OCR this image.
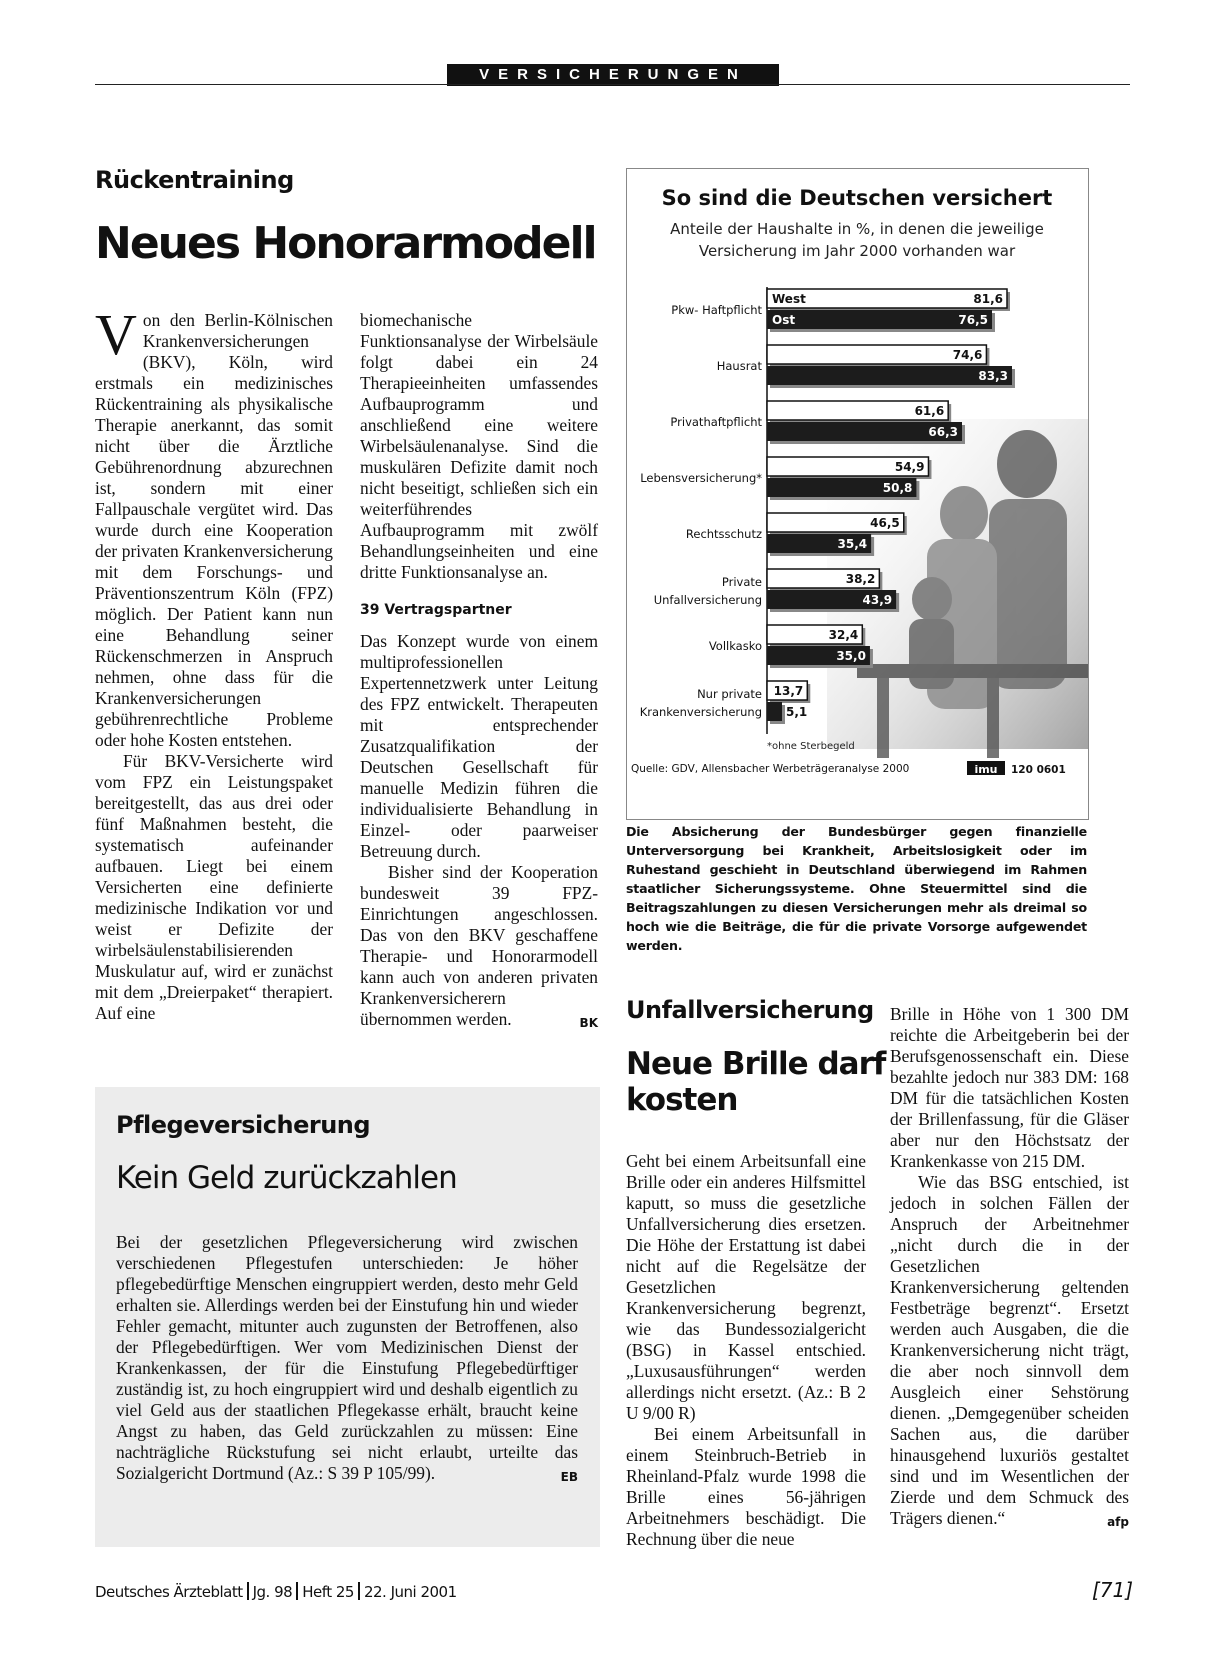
VERSICHERUNGEN
Rückentraining
Neues Honorarmodell

Von den Berlin-Kölnischen Krankenversicherungen (BKV), Köln, wird erstmals ein medizinisches Rückentraining als physikalische Therapie anerkannt, das somit nicht über die Ärztliche Gebührenordnung abzurechnen ist, sondern mit einer Fallpauschale vergütet wird. Das wurde durch eine Kooperation der privaten Krankenversicherung mit dem Forschungs- und Präventionszentrum Köln (FPZ) möglich. Der Patient kann nun eine Behandlung seiner Rückenschmerzen in Anspruch nehmen, ohne dass für die Krankenversicherungen gebührenrechtliche Probleme oder hohe Kosten entstehen.

Für BKV-Versicherte wird vom FPZ ein Leistungspaket bereitgestellt, das aus drei oder fünf Maßnahmen besteht, die systematisch aufeinander aufbauen. Liegt bei einem Versicherten eine definierte medizinische Indikation vor und weist er Defizite der wirbelsäulenstabilisierenden Muskulatur auf, wird er zunächst mit dem „Dreierpaket“ therapiert. Auf eine

biomechanische Funktionsanalyse der Wirbelsäule folgt dabei ein 24 Therapieeinheiten umfassendes Aufbauprogramm und anschließend eine weitere Wirbelsäulenanalyse. Sind die muskulären Defizite damit noch nicht beseitigt, schließen sich ein weiterführendes Aufbauprogramm mit zwölf Behandlungseinheiten und eine dritte Funktionsanalyse an.

39 Vertragspartner

Das Konzept wurde von einem multiprofessionellen Expertennetzwerk unter Leitung des FPZ entwickelt. Therapeuten mit entsprechender Zusatzqualifikation der Deutschen Gesellschaft für manuelle Medizin führen die individualisierte Behandlung in Einzel- oder paarweiser Betreuung durch.

Bisher sind der Kooperation bundesweit 39 FPZ-Einrichtungen angeschlossen. Das von den BKV geschaffene Therapie- und Honorarmodell kann auch von anderen privaten Krankenversicherern übernommen werden.	BK

Pflegeversicherung
Kein Geld zurückzahlen

Bei der gesetzlichen Pflegeversicherung wird zwischen verschiedenen Pflegestufen unterschieden: Je höher pflegebedürftige Menschen eingruppiert werden, desto mehr Geld erhalten sie. Allerdings werden bei der Einstufung hin und wieder Fehler gemacht, mitunter auch zugunsten der Betroffenen, also der Pflegebedürftigen. Wer vom Medizinischen Dienst der Krankenkassen, der für die Einstufung Pflegebedürftiger zuständig ist, zu hoch eingruppiert wird und deshalb eigentlich zu viel Geld aus der staatlichen Pflegekasse erhält, braucht keine Angst zu haben, das Geld zurückzahlen zu müssen: Eine nachträgliche Rückstufung sei nicht erlaubt, urteilte das Sozialgericht Dortmund (Az.: S 39 P 105/99).	EB

So sind die Deutschen versichert
Anteile der Haushalte in %, in denen die jeweilige
Versicherung im Jahr 2000 vorhanden war
Pkw- Haftpflicht
81,6
76,5
West
Ost
Hausrat
74,6
83,3
Privathaftpflicht
61,6
66,3
Lebensversicherung*
54,9
50,8
Rechtsschutz
46,5
35,4
Private Unfallversicherung
38,2
43,9
Vollkasko
32,4
35,0
Nur private Krankenversicherung
13,7
5,1
*ohne Sterbegeld
Quelle: GDV, Allensbacher Werbeträgeranalyse 2000	imu 120 0601
Die Absicherung der Bundesbürger gegen finanzielle Unterversorgung bei Krankheit, Arbeitslosigkeit oder im Ruhestand geschieht in Deutschland überwiegend im Rahmen staatlicher Sicherungssysteme. Ohne Steuermittel sind die Beitragszahlungen zu diesen Versicherungen mehr als dreimal so hoch wie die Beiträge, die für die private Vorsorge aufgewendet werden.
Unfallversicherung
Neue Brille darf
kosten

Geht bei einem Arbeitsunfall eine Brille oder ein anderes Hilfsmittel kaputt, so muss die gesetzliche Unfallversicherung dies ersetzen. Die Höhe der Erstattung ist dabei nicht auf die Regelsätze der Gesetzlichen Krankenversicherung begrenzt, wie das Bundessozialgericht (BSG) in Kassel entschied. „Luxusausführungen“ werden allerdings nicht ersetzt. (Az.: B 2 U 9/00 R)

Bei einem Arbeitsunfall in einem Steinbruch-Betrieb in Rheinland-Pfalz wurde 1998 die Brille eines 56-jährigen Arbeitnehmers beschädigt. Die Rechnung über die neue

Brille in Höhe von 1 300 DM reichte die Arbeitgeberin bei der Berufsgenossenschaft ein. Diese bezahlte jedoch nur 383 DM: 168 DM für die tatsächlichen Kosten der Brillenfassung, für die Gläser aber nur den Höchstsatz der Krankenkasse von 215 DM.

Wie das BSG entschied, ist jedoch in solchen Fällen der Anspruch der Arbeitnehmer „nicht durch die in der Gesetzlichen Krankenversicherung geltenden Festbeträge begrenzt“. Ersetzt werden auch Ausgaben, die die Krankenversicherung nicht trägt, die aber noch sinnvoll dem Ausgleich einer Sehstörung dienen. „Demgegenüber scheiden Sachen aus, die darüber hinausgehend luxuriös gestaltet sind und im Wesentlichen der Zierde und dem Schmuck des Trägers dienen.“	afp

Deutsches Ärzteblatt Jg. 98 Heft 25 22. Juni 2001	[71]
